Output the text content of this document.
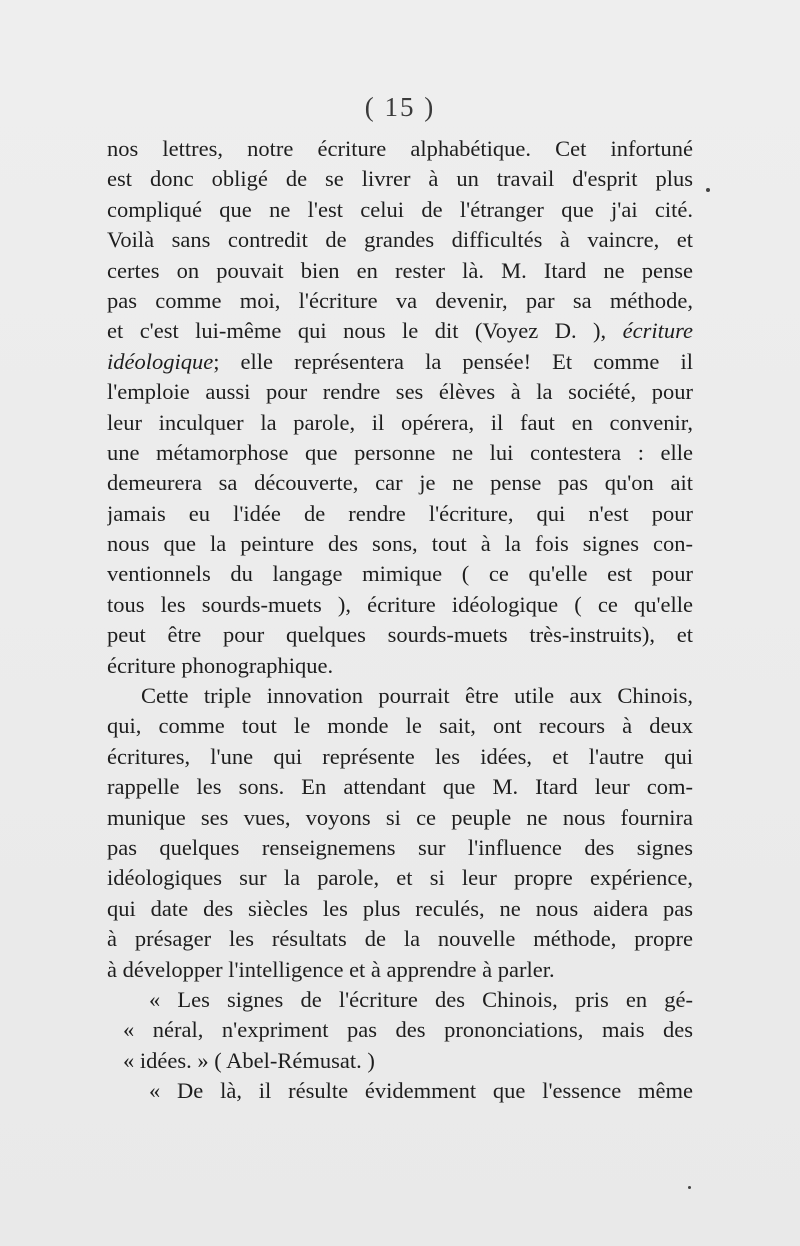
( 15 )
nos lettres, notre écriture alphabétique. Cet infortuné
est donc obligé de se livrer à un travail d'esprit plus
compliqué que ne l'est celui de l'étranger que j'ai cité.
Voilà sans contredit de grandes difficultés à vaincre, et
certes on pouvait bien en rester là. M. Itard ne pense
pas comme moi, l'écriture va devenir, par sa méthode,
et c'est lui-même qui nous le dit (Voyez D. ), écriture
idéologique; elle représentera la pensée! Et comme il
l'emploie aussi pour rendre ses élèves à la société, pour
leur inculquer la parole, il opérera, il faut en convenir,
une métamorphose que personne ne lui contestera : elle
demeurera sa découverte, car je ne pense pas qu'on ait
jamais eu l'idée de rendre l'écriture, qui n'est pour
nous que la peinture des sons, tout à la fois signes con-
ventionnels du langage mimique ( ce qu'elle est pour
tous les sourds-muets ), écriture idéologique ( ce qu'elle
peut être pour quelques sourds-muets très-instruits), et
écriture phonographique.
Cette triple innovation pourrait être utile aux Chinois,
qui, comme tout le monde le sait, ont recours à deux
écritures, l'une qui représente les idées, et l'autre qui
rappelle les sons. En attendant que M. Itard leur com-
munique ses vues, voyons si ce peuple ne nous fournira
pas quelques renseignemens sur l'influence des signes
idéologiques sur la parole, et si leur propre expérience,
qui date des siècles les plus reculés, ne nous aidera pas
à présager les résultats de la nouvelle méthode, propre
à développer l'intelligence et à apprendre à parler.
« Les signes de l'écriture des Chinois, pris en gé-
« néral, n'expriment pas des prononciations, mais des
« idées. » ( Abel-Rémusat. )
« De là, il résulte évidemment que l'essence même
